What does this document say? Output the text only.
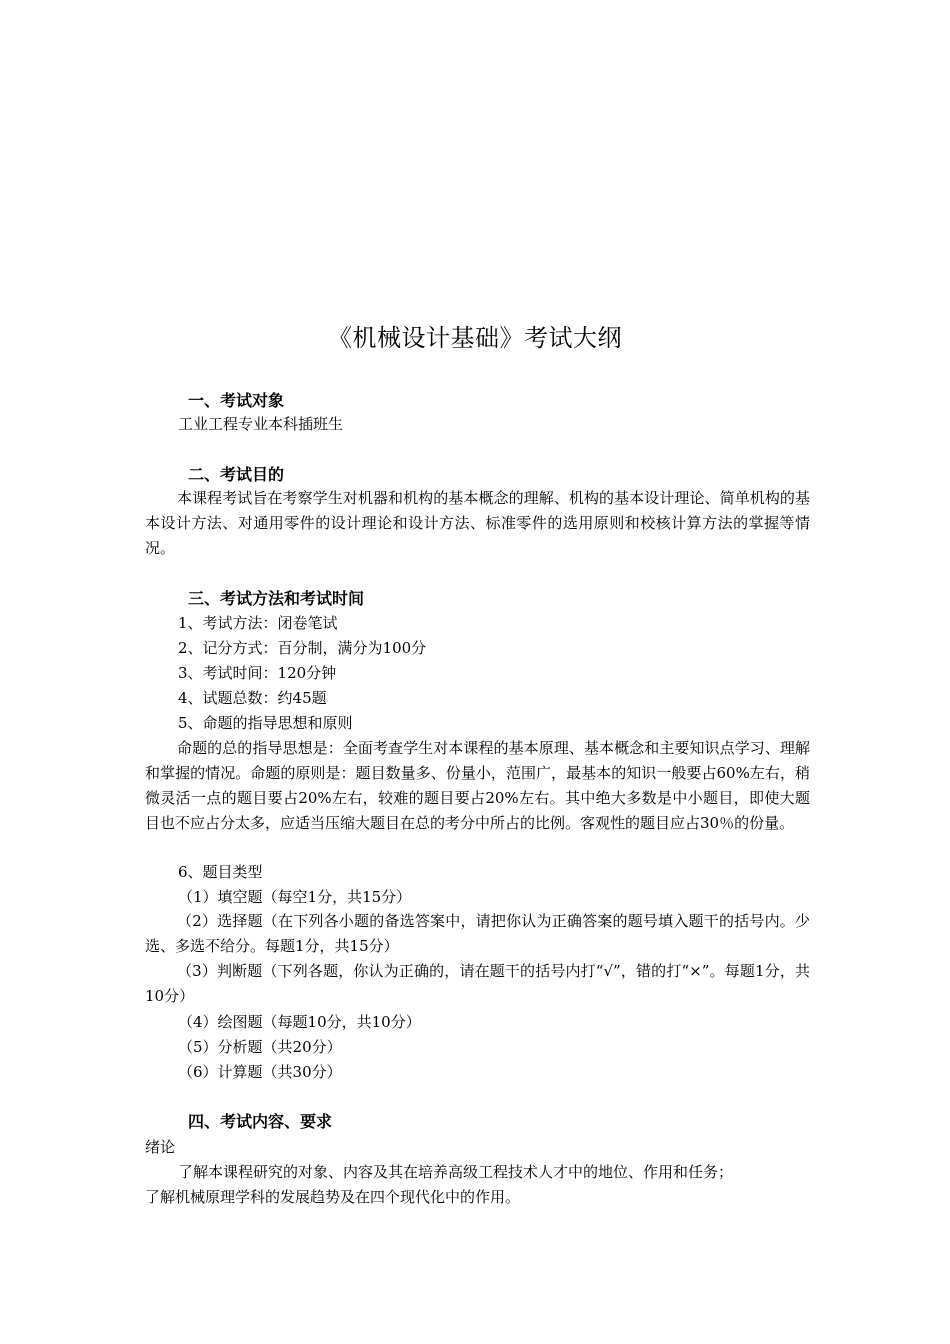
《机械设计基础》考试大纲
一、考试对象
工业工程专业本科插班生
二、考试目的
本课程考试旨在考察学生对机器和机构的基本概念的理解、机构的基本设计理论、简单机构的基本设计方法、对通用零件的设计理论和设计方法、标准零件的选用原则和校核计算方法的掌握等情况。
三、考试方法和考试时间
1、考试方法：闭卷笔试
2、记分方式：百分制，满分为100分
3、考试时间：120分钟
4、试题总数：约45题
5、命题的指导思想和原则
命题的总的指导思想是：全面考查学生对本课程的基本原理、基本概念和主要知识点学习、理解和掌握的情况。命题的原则是：题目数量多、份量小，范围广，最基本的知识一般要占60%左右，稍微灵活一点的题目要占20%左右，较难的题目要占20%左右。其中绝大多数是中小题目，即使大题目也不应占分太多，应适当压缩大题目在总的考分中所占的比例。客观性的题目应占30％的份量。
6、题目类型
（1）填空题（每空1分，共15分）
（2）选择题（在下列各小题的备选答案中，请把你认为正确答案的题号填入题干的括号内。少选、多选不给分。每题1分，共15分）
（3）判断题（下列各题，你认为正确的，请在题干的括号内打“√”，错的打“×”。每题1分，共10分）
（4）绘图题（每题10分，共10分）
（5）分析题（共20分）
（6）计算题（共30分）
四、考试内容、要求
绪论
了解本课程研究的对象、内容及其在培养高级工程技术人才中的地位、作用和任务；
了解机械原理学科的发展趋势及在四个现代化中的作用。
